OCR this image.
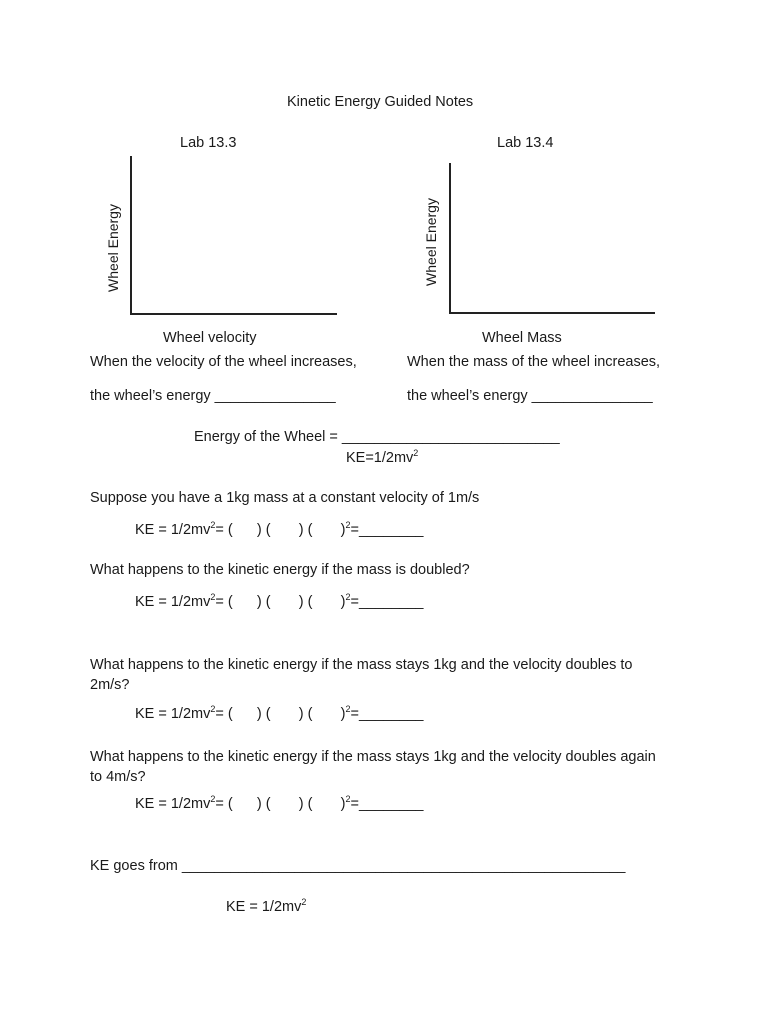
Kinetic Energy Guided Notes
Lab 13.3
Wheel Energy
Wheel velocity
Lab 13.4
Wheel Energy
Wheel Mass
When the velocity of the wheel increases,
the wheel’s energy _______________
When the mass of the wheel increases,
the wheel’s energy _______________
Energy of the Wheel = ___________________________
$KE=1/2mv^2$
Suppose you have a 1kg mass at a constant velocity of 1m/s
KE = $1/2mv^2=$ (      ) (       ) (       )$^2$=________
What happens to the kinetic energy if the mass is doubled?
KE = $1/2mv^2=$ (      ) (       ) (       )$^2$=________
What happens to the kinetic energy if the mass stays 1kg and the velocity doubles to 2m/s?
KE = $1/2mv^2=$ (      ) (       ) (       )$^2$=________
What happens to the kinetic energy if the mass stays 1kg and the velocity doubles again to 4m/s?
KE = $1/2mv^2=$ (      ) (       ) (       )$^2$=________
KE goes from _______________________________________________________
KE = $1/2mv^2$
